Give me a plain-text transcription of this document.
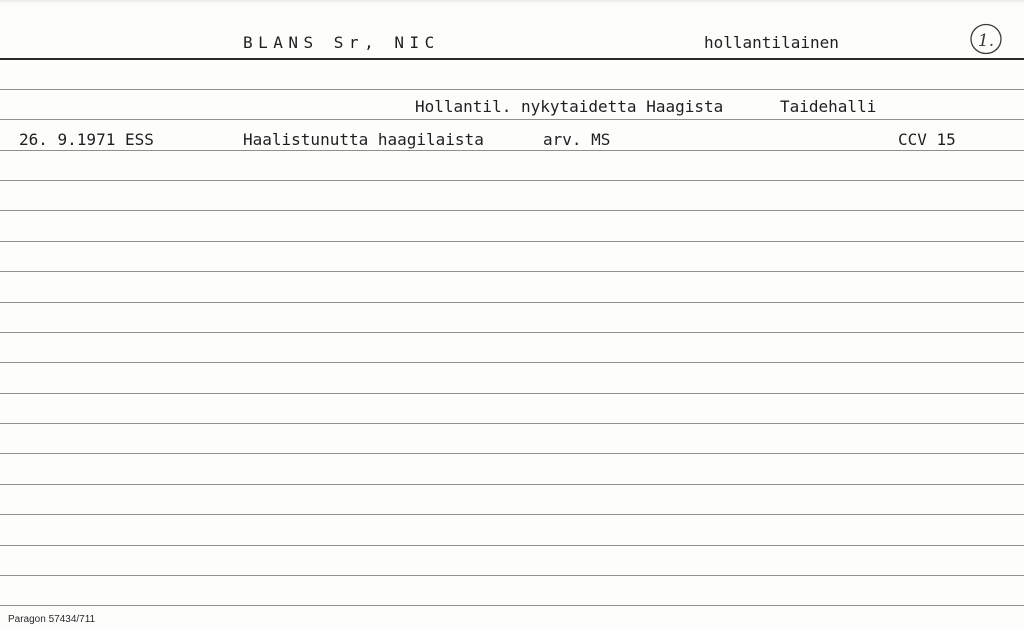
BLANS Sr, NIC	hollantilainen	1.
Hollantil. nykytaidetta Haagista	Taidehalli
26. 9.1971 ESS	Haalistunutta haagilaista	arv. MS	CCV 15
Paragon 57434/711
